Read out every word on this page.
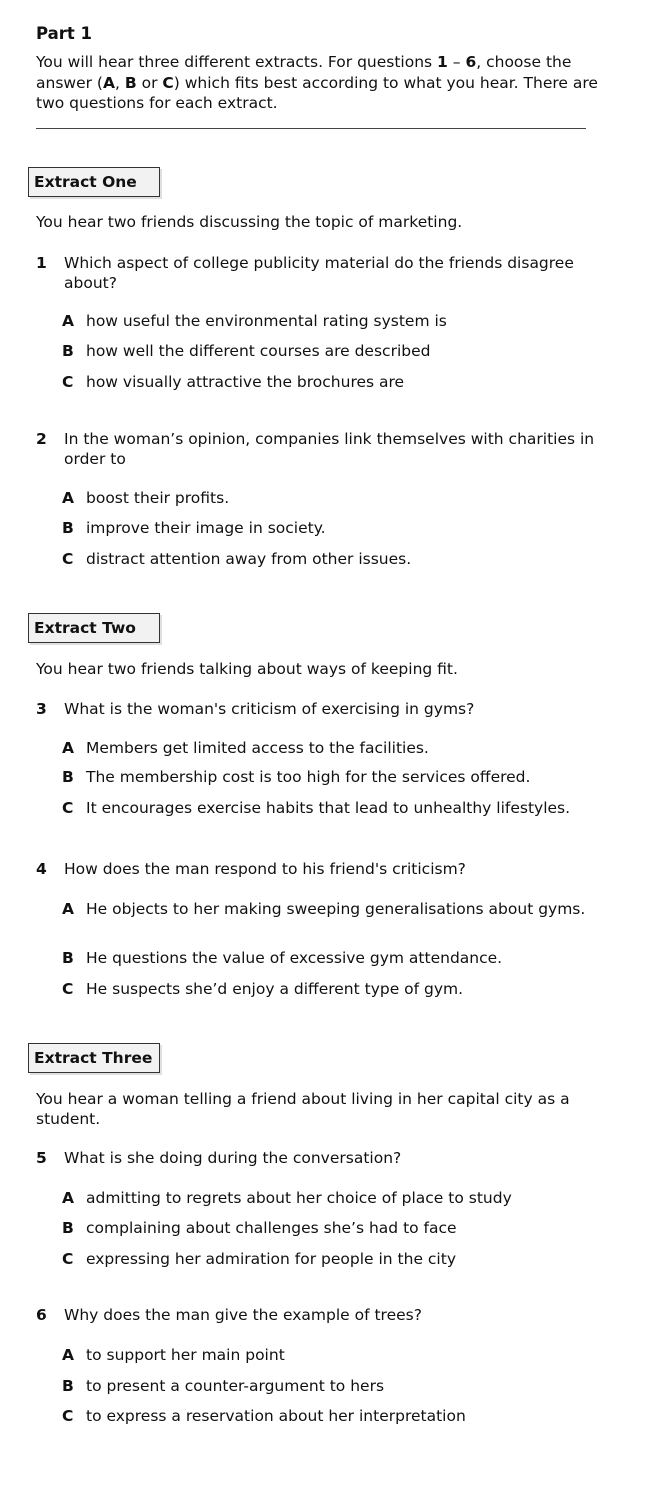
Part 1

You will hear three different extracts. For questions 1 – 6, choose the answer (A, B or C) which fits best according to what you hear. There are two questions for each extract.

Extract One
You hear two friends discussing the topic of marketing.
1 Which aspect of college publicity material do the friends disagree about?
A how useful the environmental rating system is
B how well the different courses are described
C how visually attractive the brochures are
2 In the woman’s opinion, companies link themselves with charities in order to
A boost their profits.
B improve their image in society.
C distract attention away from other issues.
Extract Two
You hear two friends talking about ways of keeping fit.
3 What is the woman's criticism of exercising in gyms?
A Members get limited access to the facilities.
B The membership cost is too high for the services offered.
C It encourages exercise habits that lead to unhealthy lifestyles.
4 How does the man respond to his friend's criticism?
A He objects to her making sweeping generalisations about gyms.
B He questions the value of excessive gym attendance.
C He suspects she’d enjoy a different type of gym.
Extract Three
You hear a woman telling a friend about living in her capital city as a student.
5 What is she doing during the conversation?
A admitting to regrets about her choice of place to study
B complaining about challenges she’s had to face
C expressing her admiration for people in the city
6 Why does the man give the example of trees?
A to support her main point
B to present a counter-argument to hers
C to express a reservation about her interpretation
